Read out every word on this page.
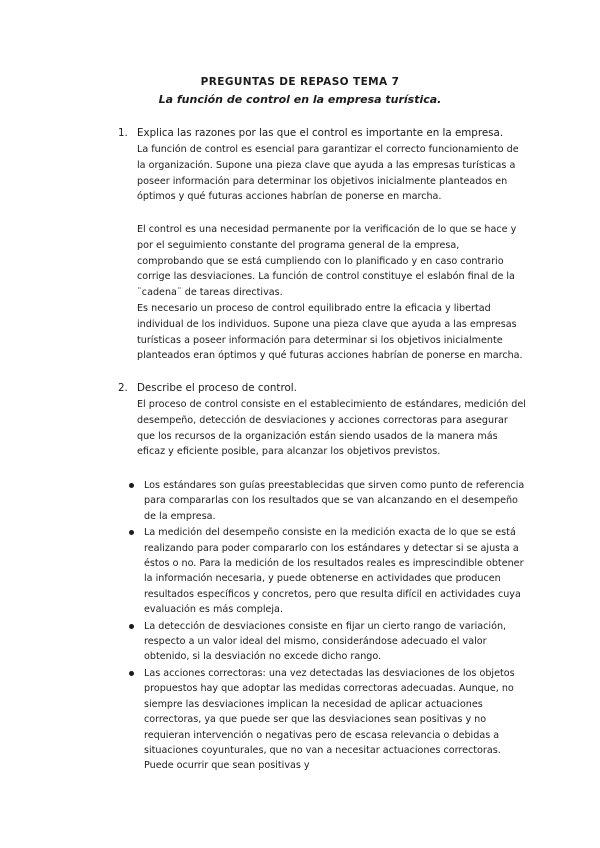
PREGUNTAS DE REPASO TEMA 7
La función de control en la empresa turística.
1. Explica las razones por las que el control es importante en la empresa.
La función de control es esencial para garantizar el correcto funcionamiento de la organización. Supone una pieza clave que ayuda a las empresas turísticas a poseer información para determinar los objetivos inicialmente planteados en óptimos y qué futuras acciones habrían de ponerse en marcha.
El control es una necesidad permanente por la verificación de lo que se hace y por el seguimiento constante del programa general de la empresa, comprobando que se está cumpliendo con lo planificado y en caso contrario corrige las desviaciones. La función de control constituye el eslabón final de la ¨cadena¨ de tareas directivas.
Es necesario un proceso de control equilibrado entre la eficacia y libertad individual de los individuos. Supone una pieza clave que ayuda a las empresas turísticas a poseer información para determinar si los objetivos inicialmente planteados eran óptimos y qué futuras acciones habrían de ponerse en marcha.
2. Describe el proceso de control.
El proceso de control consiste en el establecimiento de estándares, medición del desempeño, detección de desviaciones y acciones correctoras para asegurar que los recursos de la organización están siendo usados de la manera más eficaz y eficiente posible, para alcanzar los objetivos previstos.
Los estándares son guías preestablecidas que sirven como punto de referencia para compararlas con los resultados que se van alcanzando en el desempeño de la empresa.
La medición del desempeño consiste en la medición exacta de lo que se está realizando para poder compararlo con los estándares y detectar si se ajusta a éstos o no. Para la medición de los resultados reales es imprescindible obtener la información necesaria, y puede obtenerse en actividades que producen resultados específicos y concretos, pero que resulta difícil en actividades cuya evaluación es más compleja.
La detección de desviaciones consiste en fijar un cierto rango de variación, respecto a un valor ideal del mismo, considerándose adecuado el valor obtenido, si la desviación no excede dicho rango.
Las acciones correctoras: una vez detectadas las desviaciones de los objetos propuestos hay que adoptar las medidas correctoras adecuadas. Aunque, no siempre las desviaciones implican la necesidad de aplicar actuaciones correctoras, ya que puede ser que las desviaciones sean positivas y no requieran intervención o negativas pero de escasa relevancia o debidas a situaciones coyunturales, que no van a necesitar actuaciones correctoras. Puede ocurrir que sean positivas y
